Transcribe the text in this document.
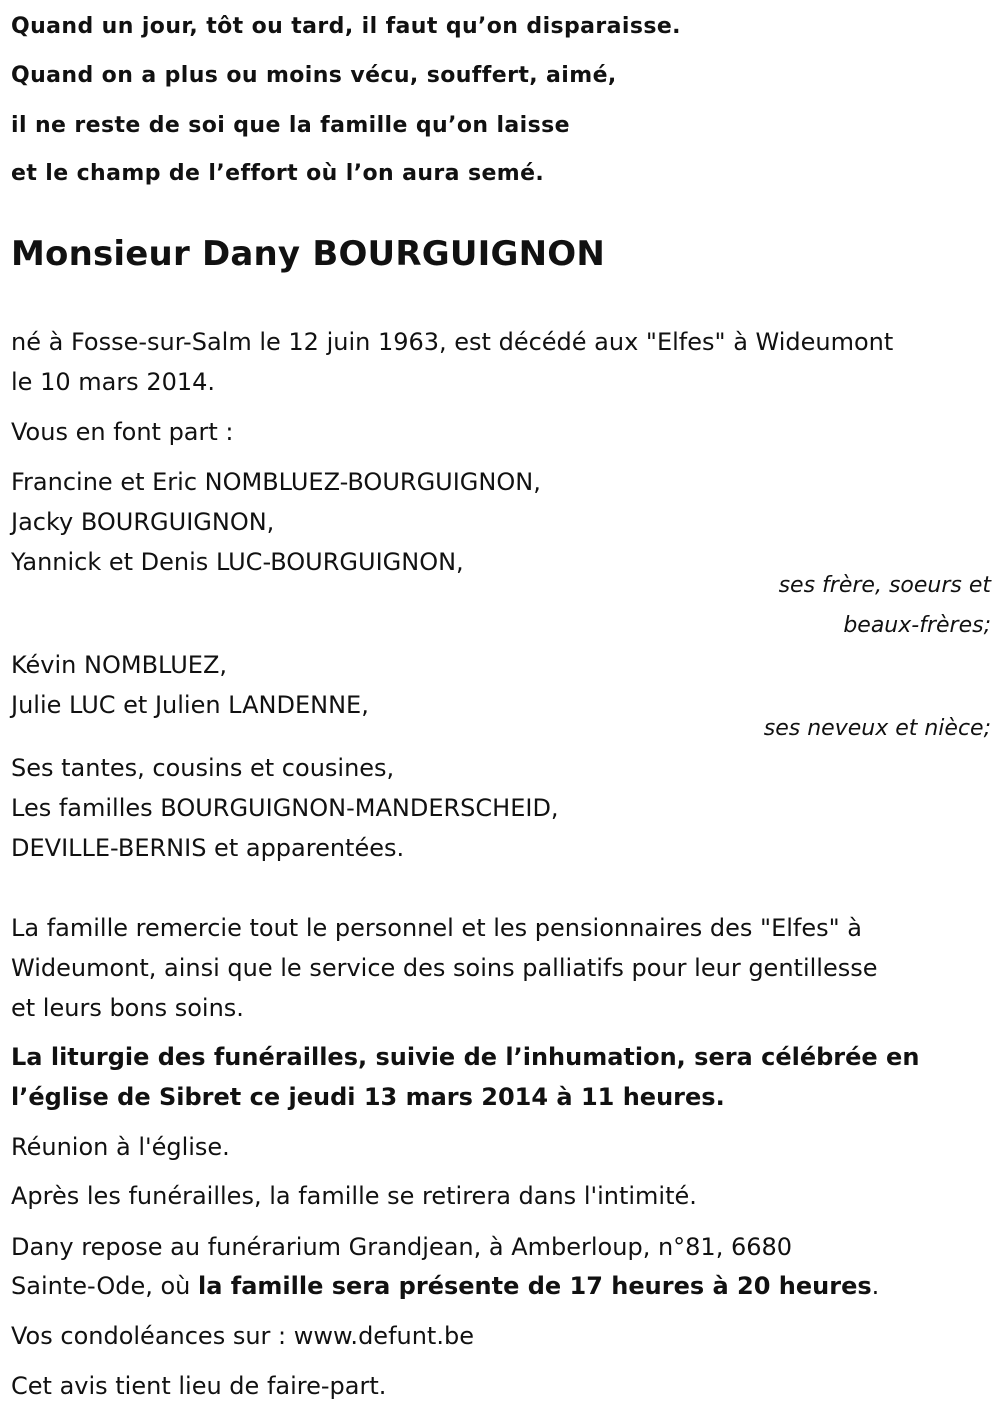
Quand un jour, tôt ou tard, il faut qu’on disparaisse.
Quand on a plus ou moins vécu, souffert, aimé,
il ne reste de soi que la famille qu’on laisse
et le champ de l’effort où l’on aura semé.
Monsieur Dany BOURGUIGNON
né à Fosse-sur-Salm le 12 juin 1963, est décédé aux "Elfes" à Wideumont
le 10 mars 2014.
Vous en font part :
Francine et Eric NOMBLUEZ-BOURGUIGNON,
Jacky BOURGUIGNON,
Yannick et Denis LUC-BOURGUIGNON,
ses frère, soeurs et
beaux-frères;
Kévin NOMBLUEZ,
Julie LUC et Julien LANDENNE,
ses neveux et nièce;
Ses tantes, cousins et cousines,
Les familles BOURGUIGNON-MANDERSCHEID,
DEVILLE-BERNIS et apparentées.
La famille remercie tout le personnel et les pensionnaires des "Elfes" à
Wideumont, ainsi que le service des soins palliatifs pour leur gentillesse
et leurs bons soins.
La liturgie des funérailles, suivie de l’inhumation, sera célébrée en
l’église de Sibret ce jeudi 13 mars 2014 à 11 heures.
Réunion à l'église.
Après les funérailles, la famille se retirera dans l'intimité.
Dany repose au funérarium Grandjean, à Amberloup, n°81, 6680
Sainte-Ode, où la famille sera présente de 17 heures à 20 heures.
Vos condoléances sur : www.defunt.be
Cet avis tient lieu de faire-part.
